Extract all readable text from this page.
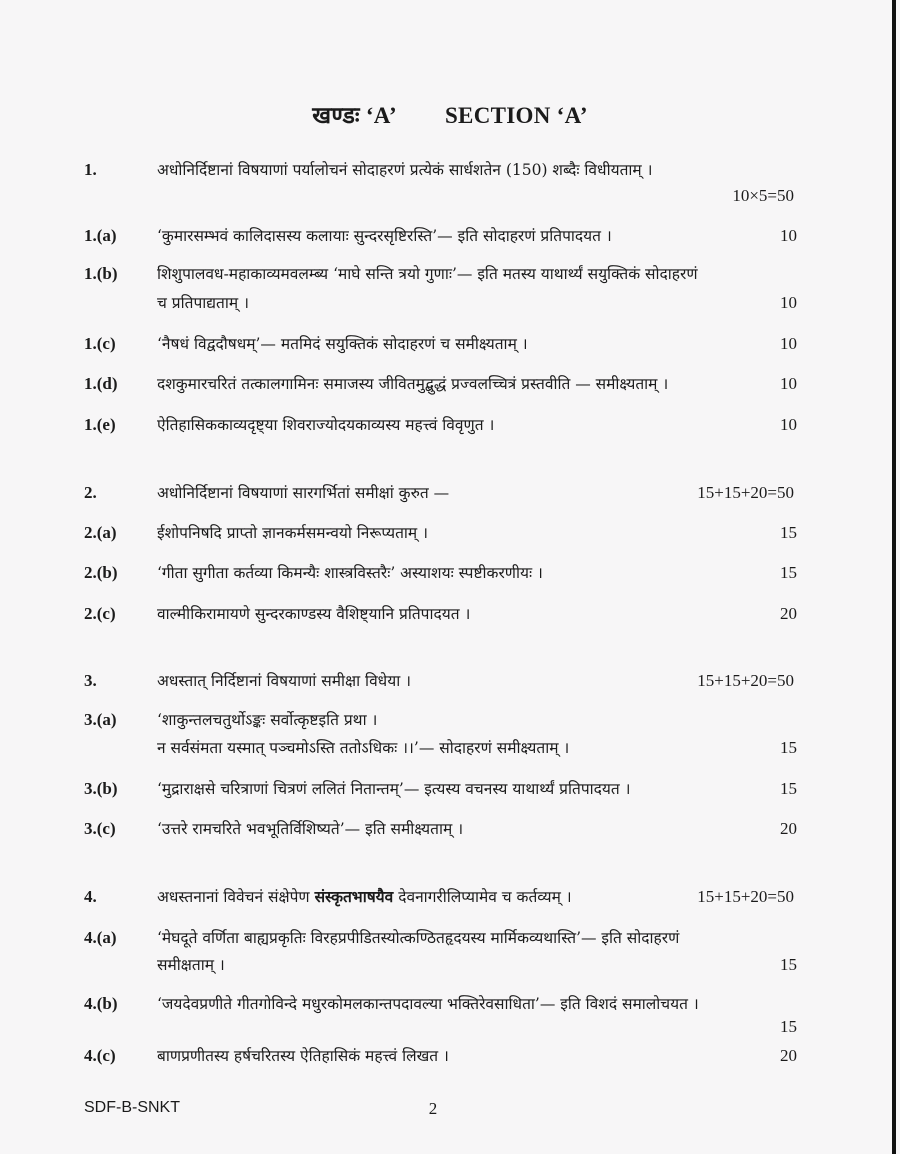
खण्डः ‘A’ SECTION ‘A’
1.	अधोनिर्दिष्टानां विषयाणां पर्यालोचनं सोदाहरणं प्रत्येकं सार्धशतेन (150) शब्दैः विधीयताम् ।
10×5=50
1.(a)	‘कुमारसम्भवं कालिदासस्य कलायाः सुन्दरसृष्टिरस्ति’— इति सोदाहरणं प्रतिपादयत ।	10
1.(b)	शिशुपालवध-महाकाव्यमवलम्ब्य ‘माघे सन्ति त्रयो गुणाः’— इति मतस्य याथार्थ्यं सयुक्तिकं सोदाहरणं
च प्रतिपाद्यताम् ।	10
1.(c)	‘नैषधं विद्वदौषधम्’— मतमिदं सयुक्तिकं सोदाहरणं च समीक्ष्यताम् ।	10
1.(d)	दशकुमारचरितं तत्कालगामिनः समाजस्य जीवितमुद्बुद्धं प्रज्वलच्चित्रं प्रस्तवीति — समीक्ष्यताम् ।	10
1.(e)	ऐतिहासिककाव्यदृष्ट्या शिवराज्योदयकाव्यस्य महत्त्वं विवृणुत ।	10
2.	अधोनिर्दिष्टानां विषयाणां सारगर्भितां समीक्षां कुरुत —	15+15+20=50
2.(a)	ईशोपनिषदि प्राप्तो ज्ञानकर्मसमन्वयो निरूप्यताम् ।	15
2.(b)	‘गीता सुगीता कर्तव्या किमन्यैः शास्त्रविस्तरैः’ अस्याशयः स्पष्टीकरणीयः ।	15
2.(c)	वाल्मीकिरामायणे सुन्दरकाण्डस्य वैशिष्ट्यानि प्रतिपादयत ।	20
3.	अधस्तात् निर्दिष्टानां विषयाणां समीक्षा विधेया ।	15+15+20=50
3.(a)	‘शाकुन्तलचतुर्थोऽङ्कः सर्वोत्कृष्टइति प्रथा ।
न सर्वसंमता यस्मात् पञ्चमोऽस्ति ततोऽधिकः ।।’— सोदाहरणं समीक्ष्यताम् ।	15
3.(b)	‘मुद्राराक्षसे चरित्राणां चित्रणं ललितं नितान्तम्’— इत्यस्य वचनस्य याथार्थ्यं प्रतिपादयत ।	15
3.(c)	‘उत्तरे रामचरिते भवभूतिर्विशिष्यते’— इति समीक्ष्यताम् ।	20
4.	अधस्तनानां विवेचनं संक्षेपेण संस्कृतभाषयैव देवनागरीलिप्यामेव च कर्तव्यम् ।	15+15+20=50
4.(a)	‘मेघदूते वर्णिता बाह्यप्रकृतिः विरहप्रपीडितस्योत्कण्ठितहृदयस्य मार्मिकव्यथास्ति’— इति सोदाहरणं
समीक्षताम् ।	15
4.(b)	‘जयदेवप्रणीते गीतगोविन्दे मधुरकोमलकान्तपदावल्या भक्तिरेवसाधिता’— इति विशदं समालोचयत ।
15
4.(c)	बाणप्रणीतस्य हर्षचरितस्य ऐतिहासिकं महत्त्वं लिखत ।	20
SDF-B-SNKT	2
